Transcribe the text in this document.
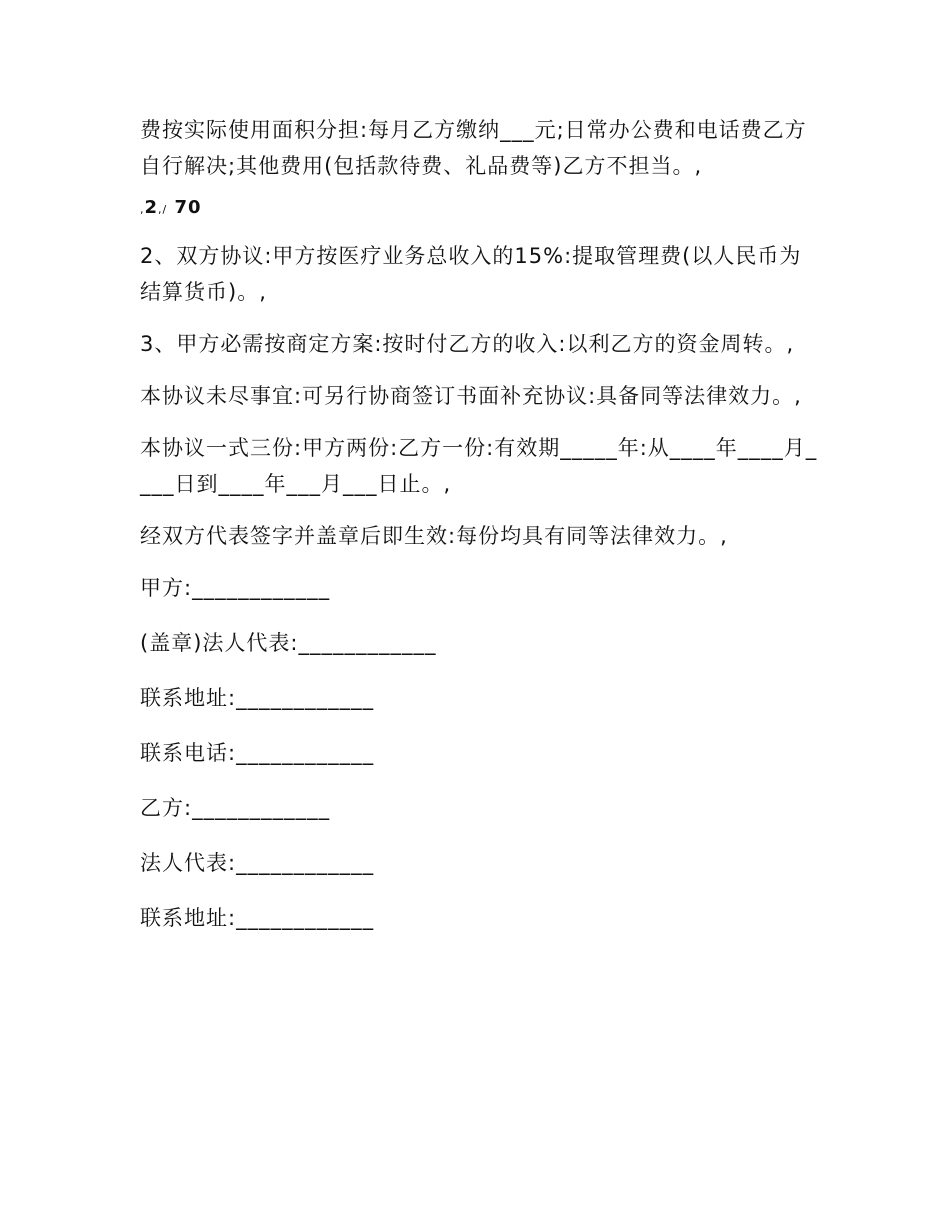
费按实际使用面积分担:每月乙方缴纳___元;日常办公费和电话费乙方自行解决;其他费用(包括款待费、礼品费等)乙方不担当。,

,2,/ 70

2、双方协议:甲方按医疗业务总收入的15%:提取管理费(以人民币为结算货币)。,

3、甲方必需按商定方案:按时付乙方的收入:以利乙方的资金周转。,

本协议未尽事宜:可另行协商签订书面补充协议:具备同等法律效力。,

本协议一式三份:甲方两份:乙方一份:有效期_____年:从____年____月____日到____年___月___日止。,

经双方代表签字并盖章后即生效:每份均具有同等法律效力。,

甲方:____________
(盖章)法人代表:____________
联系地址:____________
联系电话:____________
乙方:____________
法人代表:____________
联系地址:____________
